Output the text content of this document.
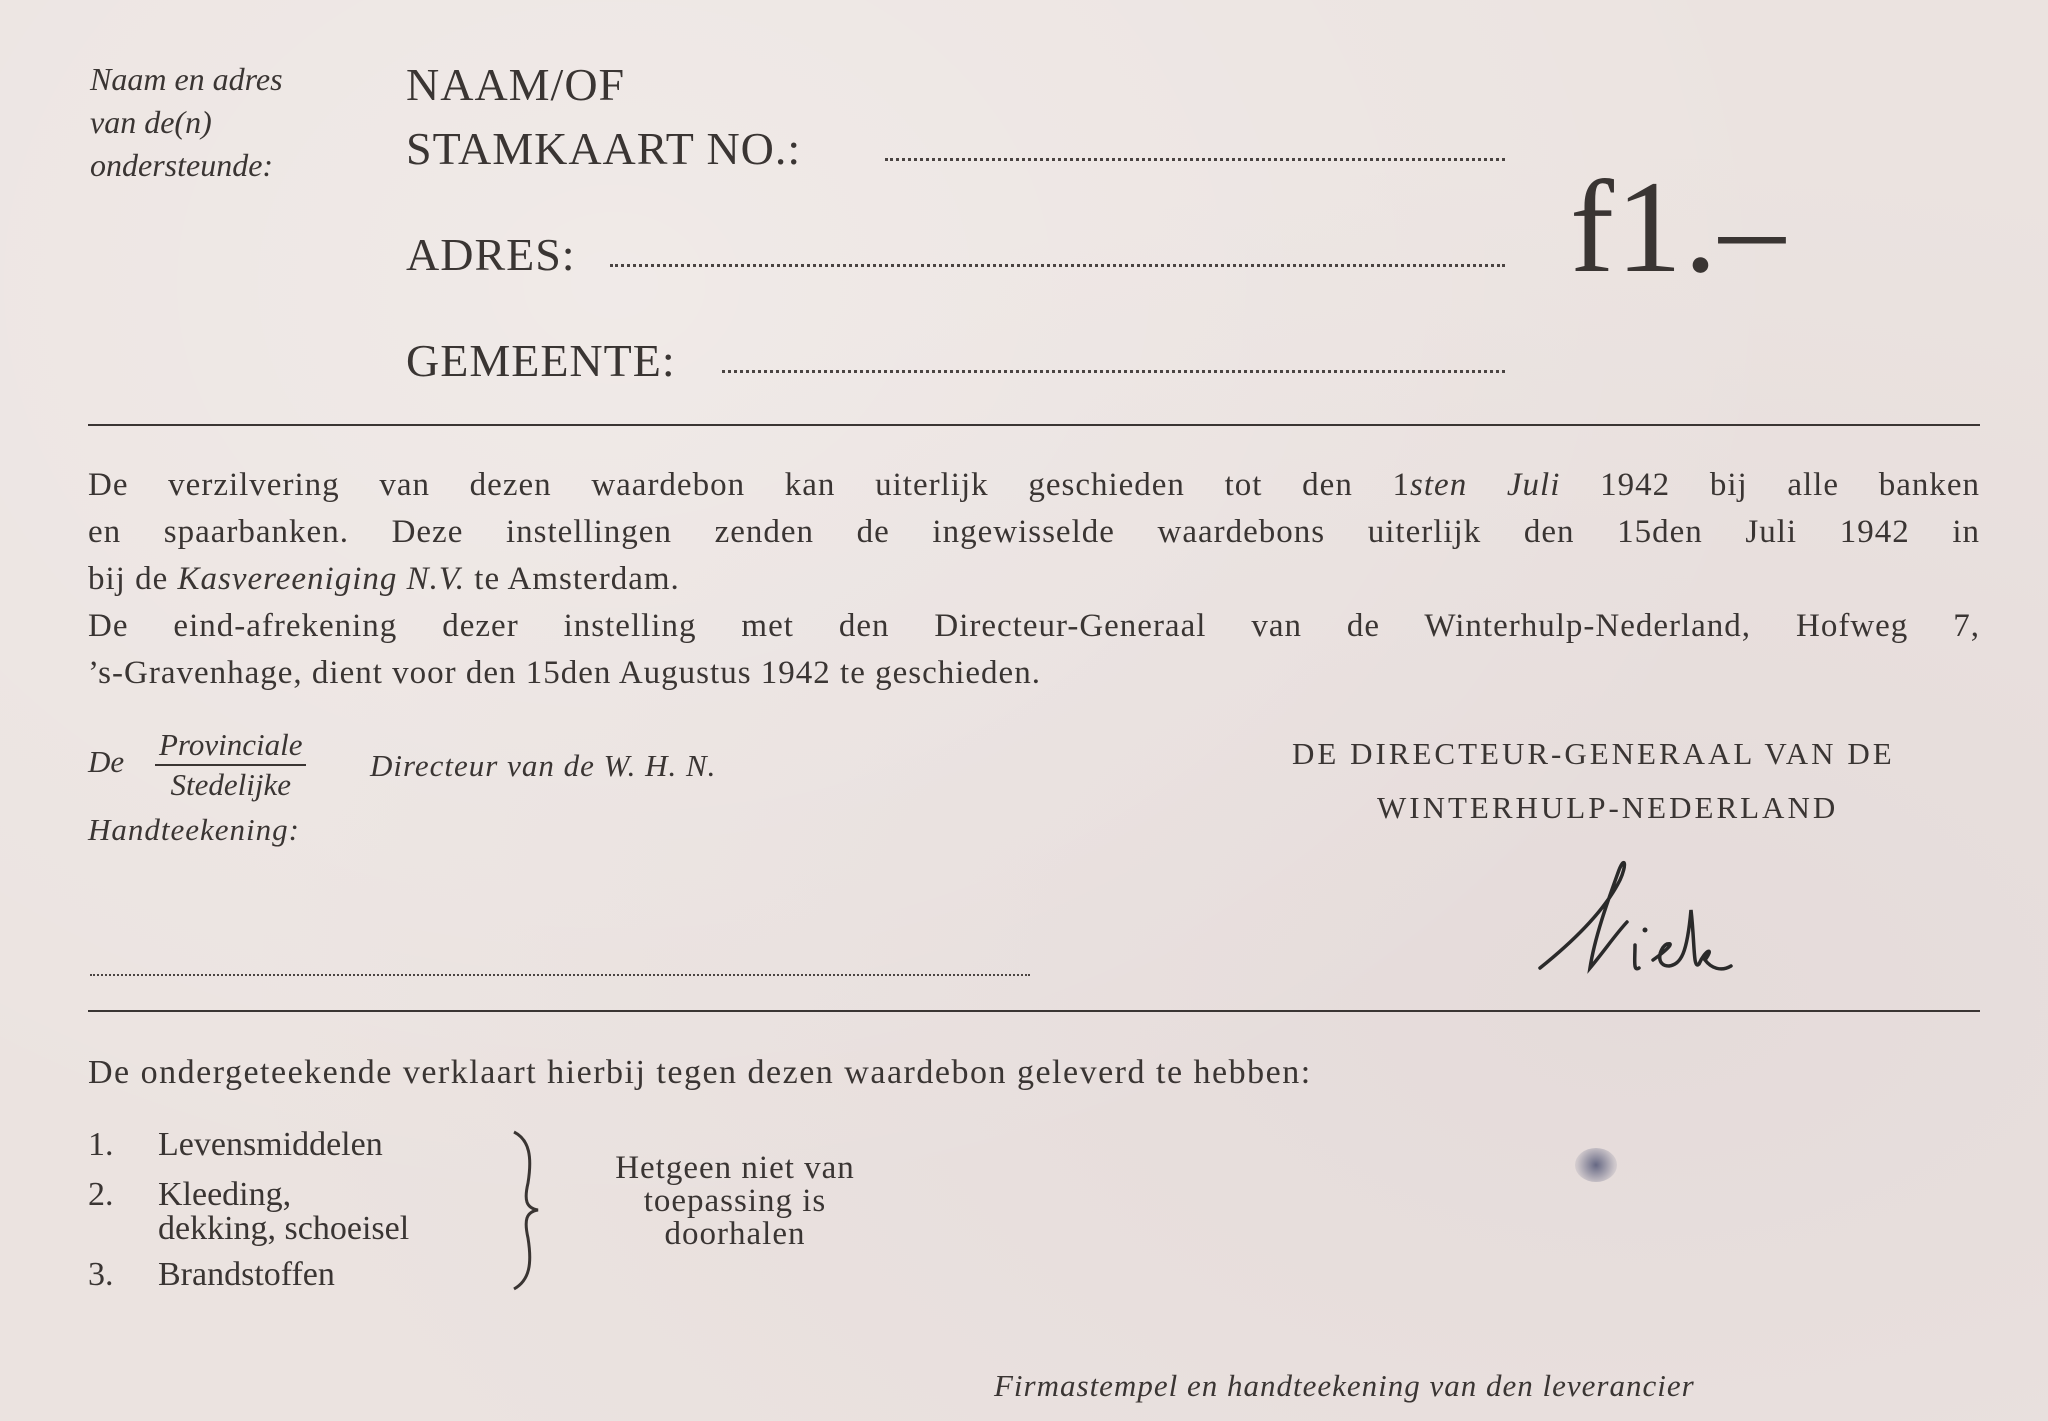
Naam en adres
van de(n)
ondersteunde:
NAAM/OF
STAMKAART NO.:
ADRES:
GEMEENTE:
f1.–

De verzilvering van dezen waardebon kan uiterlijk geschieden tot den 1sten Juli 1942 bij alle banken

en spaarbanken. Deze instellingen zenden de ingewisselde waardebons uiterlijk den 15den Juli 1942 in

bij de Kasvereeniging N.V. te Amsterdam.

De eind-afrekening dezer instelling met den Directeur-Generaal van de Winterhulp-Nederland, Hofweg 7,

’s-Gravenhage, dient voor den 15den Augustus 1942 te geschieden.

De $\frac{\text{Provinciale}}{\text{Stedelijke}}$ Directeur van de W. H. N.
Handteekening:
DE DIRECTEUR-GENERAAL VAN DE
WINTERHULP-NEDERLAND
De ondergeteekende verklaart hierbij tegen dezen waardebon geleverd te hebben:
1.	Levensmiddelen
2.	Kleeding,
dekking, schoeisel
3.	Brandstoffen
Hetgeen niet van
toepassing is
doorhalen
Firmastempel en handteekening van den leverancier
